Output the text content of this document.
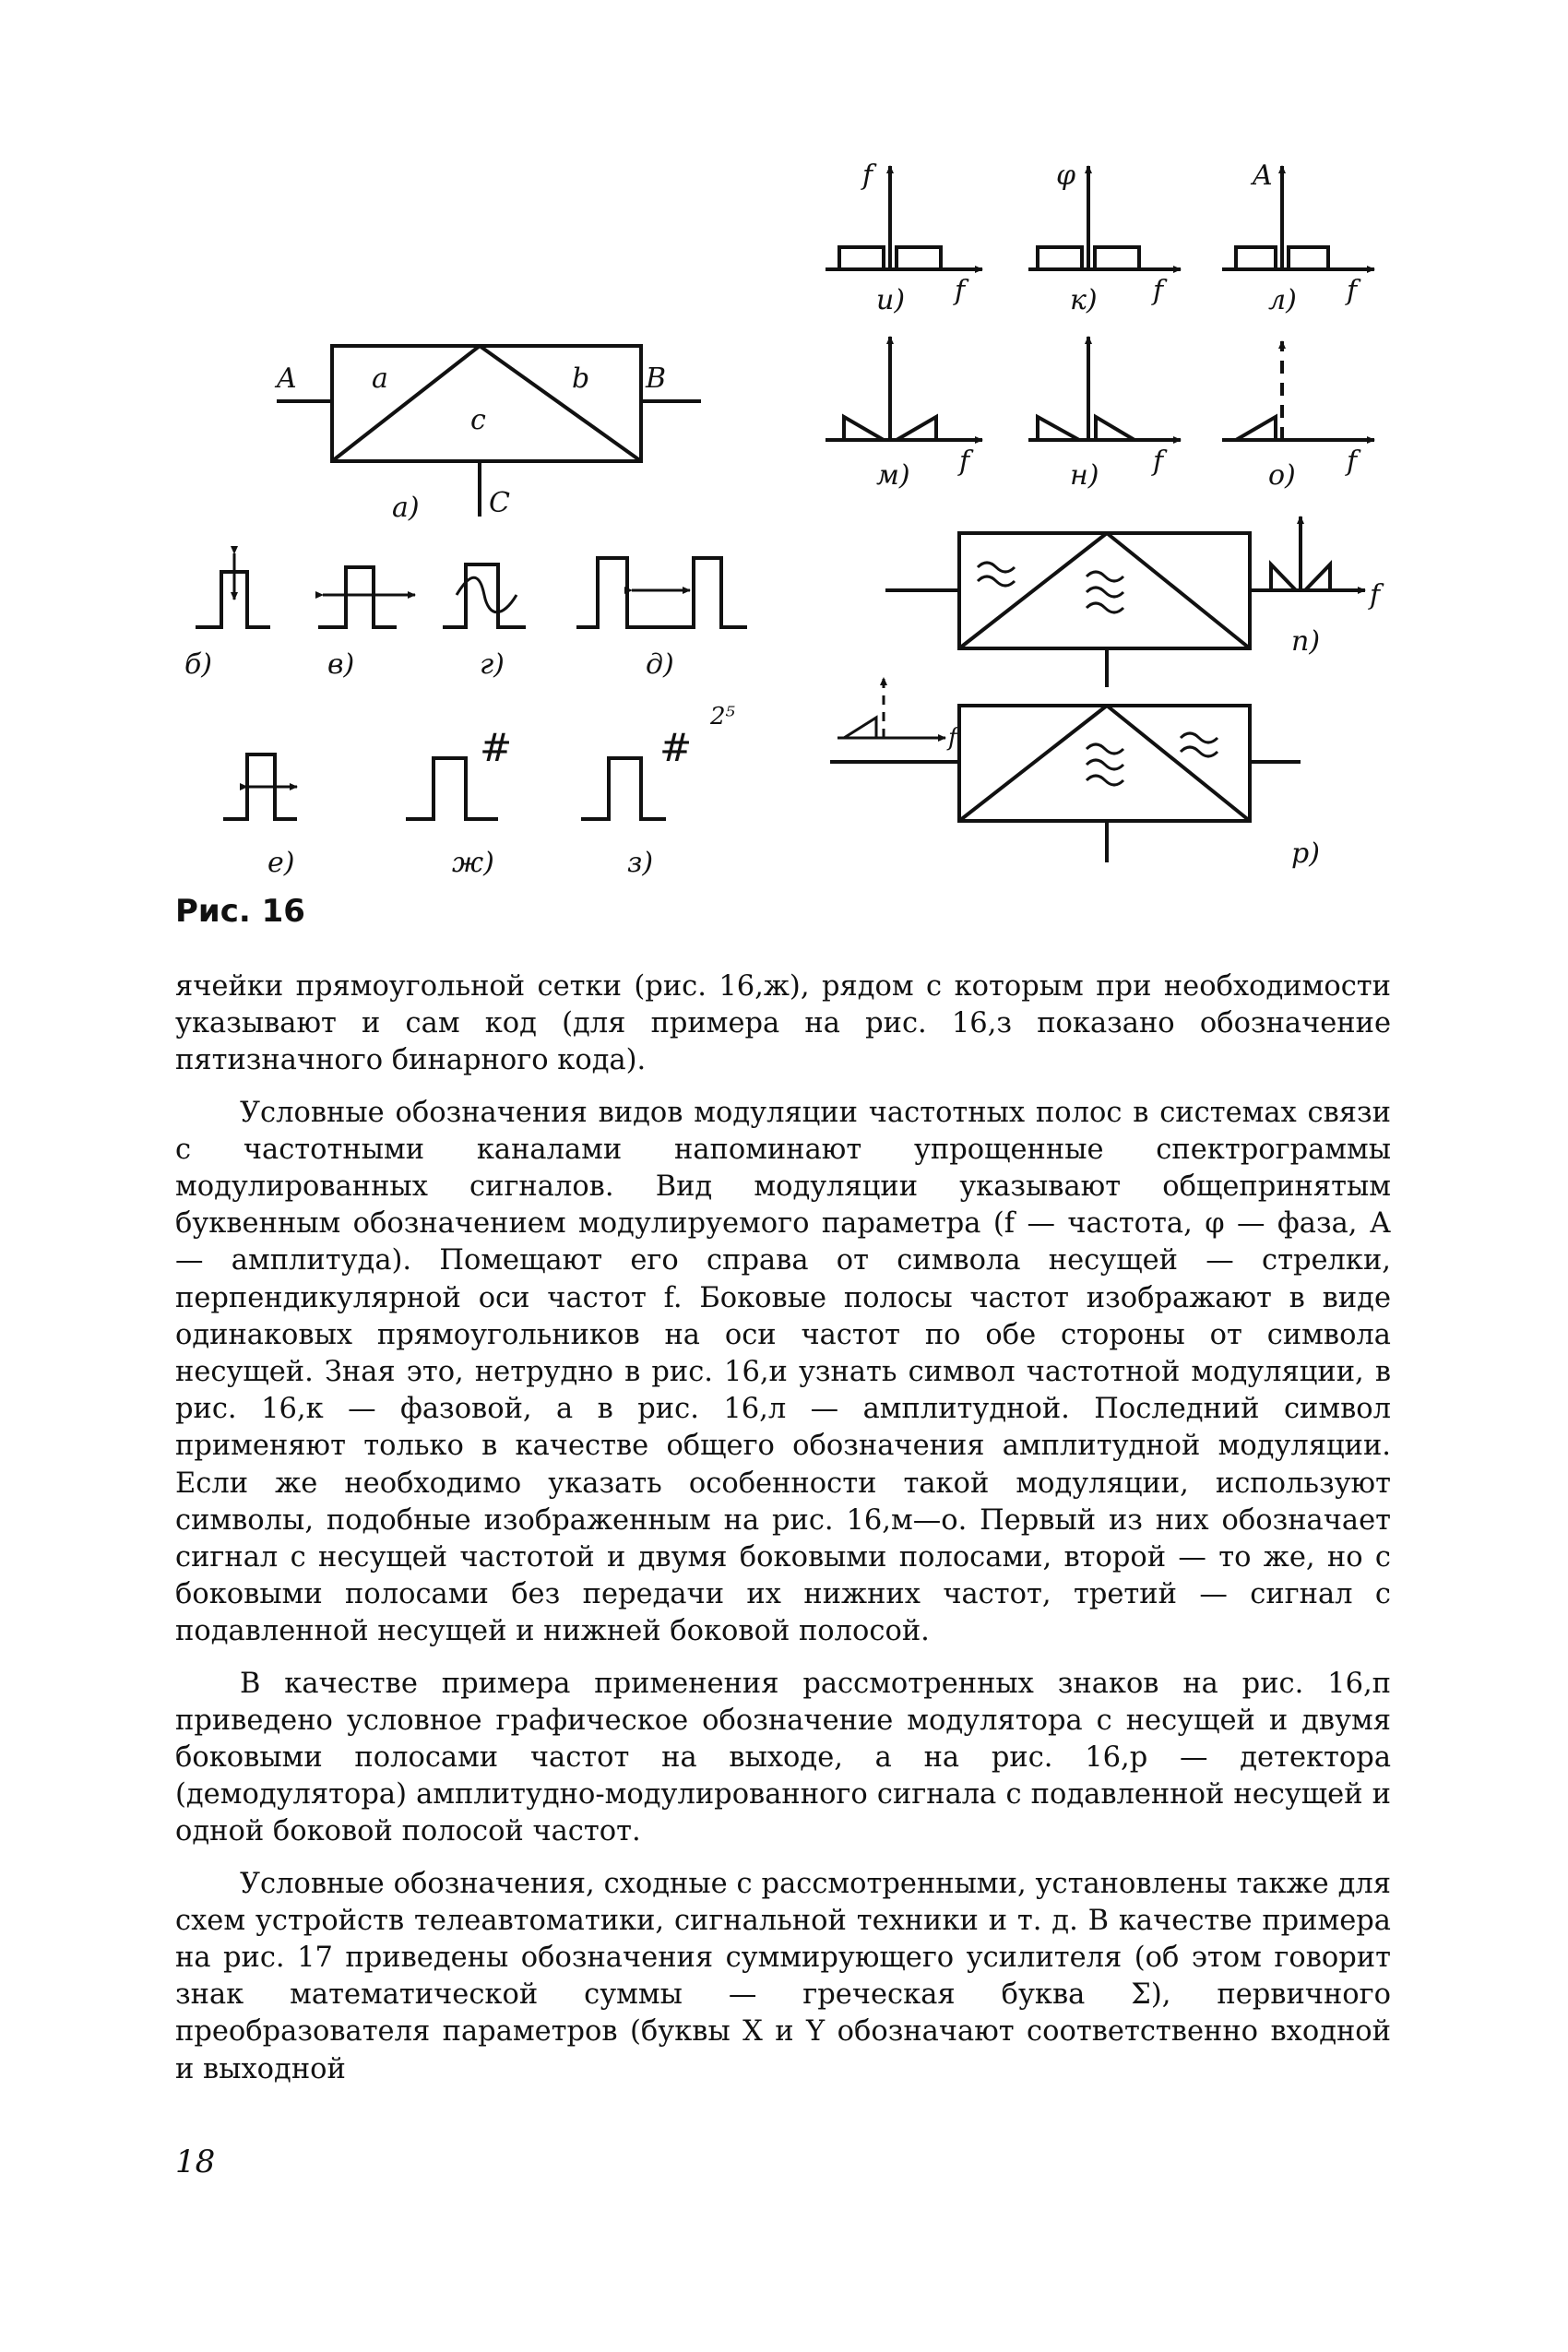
A	a	b B
c
C
а)
б)	в)	г)	д)
#	#
2⁵
е)	ж)	з)
f	φ	A
и) f	к) f	л) f
м) f	н) f	о) f
f
п)
f
р)
Рис. 16

ячейки прямоугольной сетки (рис. 16,ж), рядом с которым при необходимости указывают и сам код (для примера на рис. 16,з показано обозначение пятизначного бинарного кода).

Условные обозначения видов модуляции частотных полос в системах связи с частотными каналами напоминают упрощенные спектрограммы модулированных сигналов. Вид модуляции указывают общепринятым буквенным обозначением модулируемого параметра (f — частота, φ — фаза, А — амплитуда). Помещают его справа от символа несущей — стрелки, перпендикулярной оси частот f. Боковые полосы частот изображают в виде одинаковых прямоугольников на оси частот по обе стороны от символа несущей. Зная это, нетрудно в рис. 16,и узнать символ частотной модуляции, в рис. 16,к — фазовой, а в рис. 16,л — амплитудной. Последний символ применяют только в качестве общего обозначения амплитудной модуляции. Если же необходимо указать особенности такой модуляции, используют символы, подобные изображенным на рис. 16,м—о. Первый из них обозначает сигнал с несущей частотой и двумя боковыми полосами, второй — то же, но с боковыми полосами без передачи их нижних частот, третий — сигнал с подавленной несущей и нижней боковой полосой.

В качестве примера применения рассмотренных знаков на рис. 16,п приведено условное графическое обозначение модулятора с несущей и двумя боковыми полосами частот на выходе, а на рис. 16,р — детектора (демодулятора) амплитудно-модулированного сигнала с подавленной несущей и одной боковой полосой частот.

Условные обозначения, сходные с рассмотренными, установлены также для схем устройств телеавтоматики, сигнальной техники и т. д. В качестве примера на рис. 17 приведены обозначения суммирующего усилителя (об этом говорит знак математической суммы — греческая буква Σ), первичного преобразователя параметров (буквы X и Y обозначают соответственно входной и выходной

18
